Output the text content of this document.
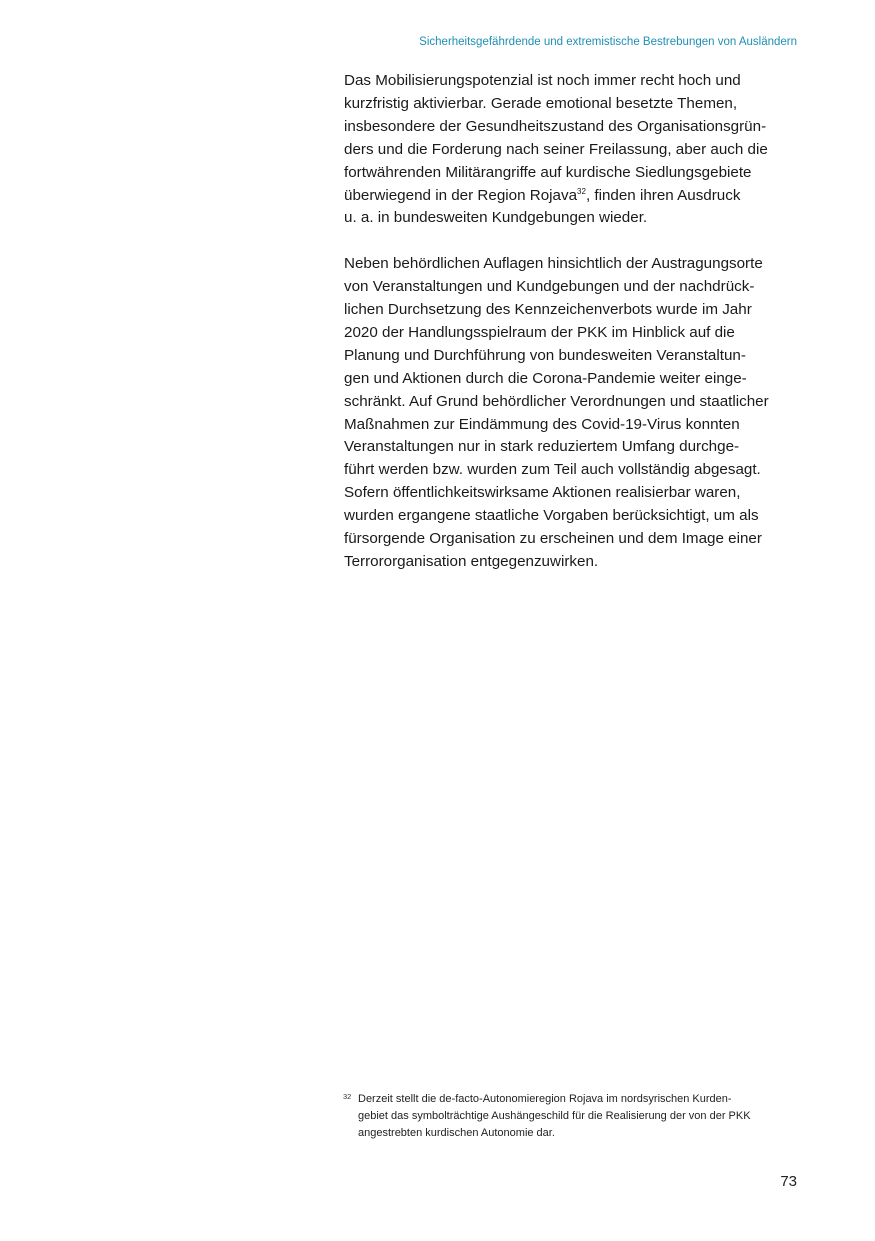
Sicherheitsgefährdende und extremistische Bestrebungen von Ausländern

Das Mobilisierungspotenzial ist noch immer recht hoch und
kurzfristig aktivierbar. Gerade emotional besetzte Themen,
insbesondere der Gesundheitszustand des Organisationsgrün-
ders und die Forderung nach seiner Freilassung, aber auch die
fortwährenden Militärangriffe auf kurdische Siedlungsgebiete
überwiegend in der Region Rojava$^{32}$, finden ihren Ausdruck
u. a. in bundesweiten Kundgebungen wieder.

Neben behördlichen Auflagen hinsichtlich der Austragungsorte
von Veranstaltungen und Kundgebungen und der nachdrück-
lichen Durchsetzung des Kennzeichenverbots wurde im Jahr
2020 der Handlungsspielraum der PKK im Hinblick auf die
Planung und Durchführung von bundesweiten Veranstaltun-
gen und Aktionen durch die Corona-Pandemie weiter einge-
schränkt. Auf Grund behördlicher Verordnungen und staatlicher
Maßnahmen zur Eindämmung des Covid-19-Virus konnten
Veranstaltungen nur in stark reduziertem Umfang durchge-
führt werden bzw. wurden zum Teil auch vollständig abgesagt.
Sofern öffentlichkeitswirksame Aktionen realisierbar waren,
wurden ergangene staatliche Vorgaben berücksichtigt, um als
fürsorgende Organisation zu erscheinen und dem Image einer
Terrororganisation entgegenzuwirken.

32 Derzeit stellt die de-facto-Autonomieregion Rojava im nordsyrischen Kurden-
gebiet das symbolträchtige Aushängeschild für die Realisierung der von der PKK
angestrebten kurdischen Autonomie dar.
73
